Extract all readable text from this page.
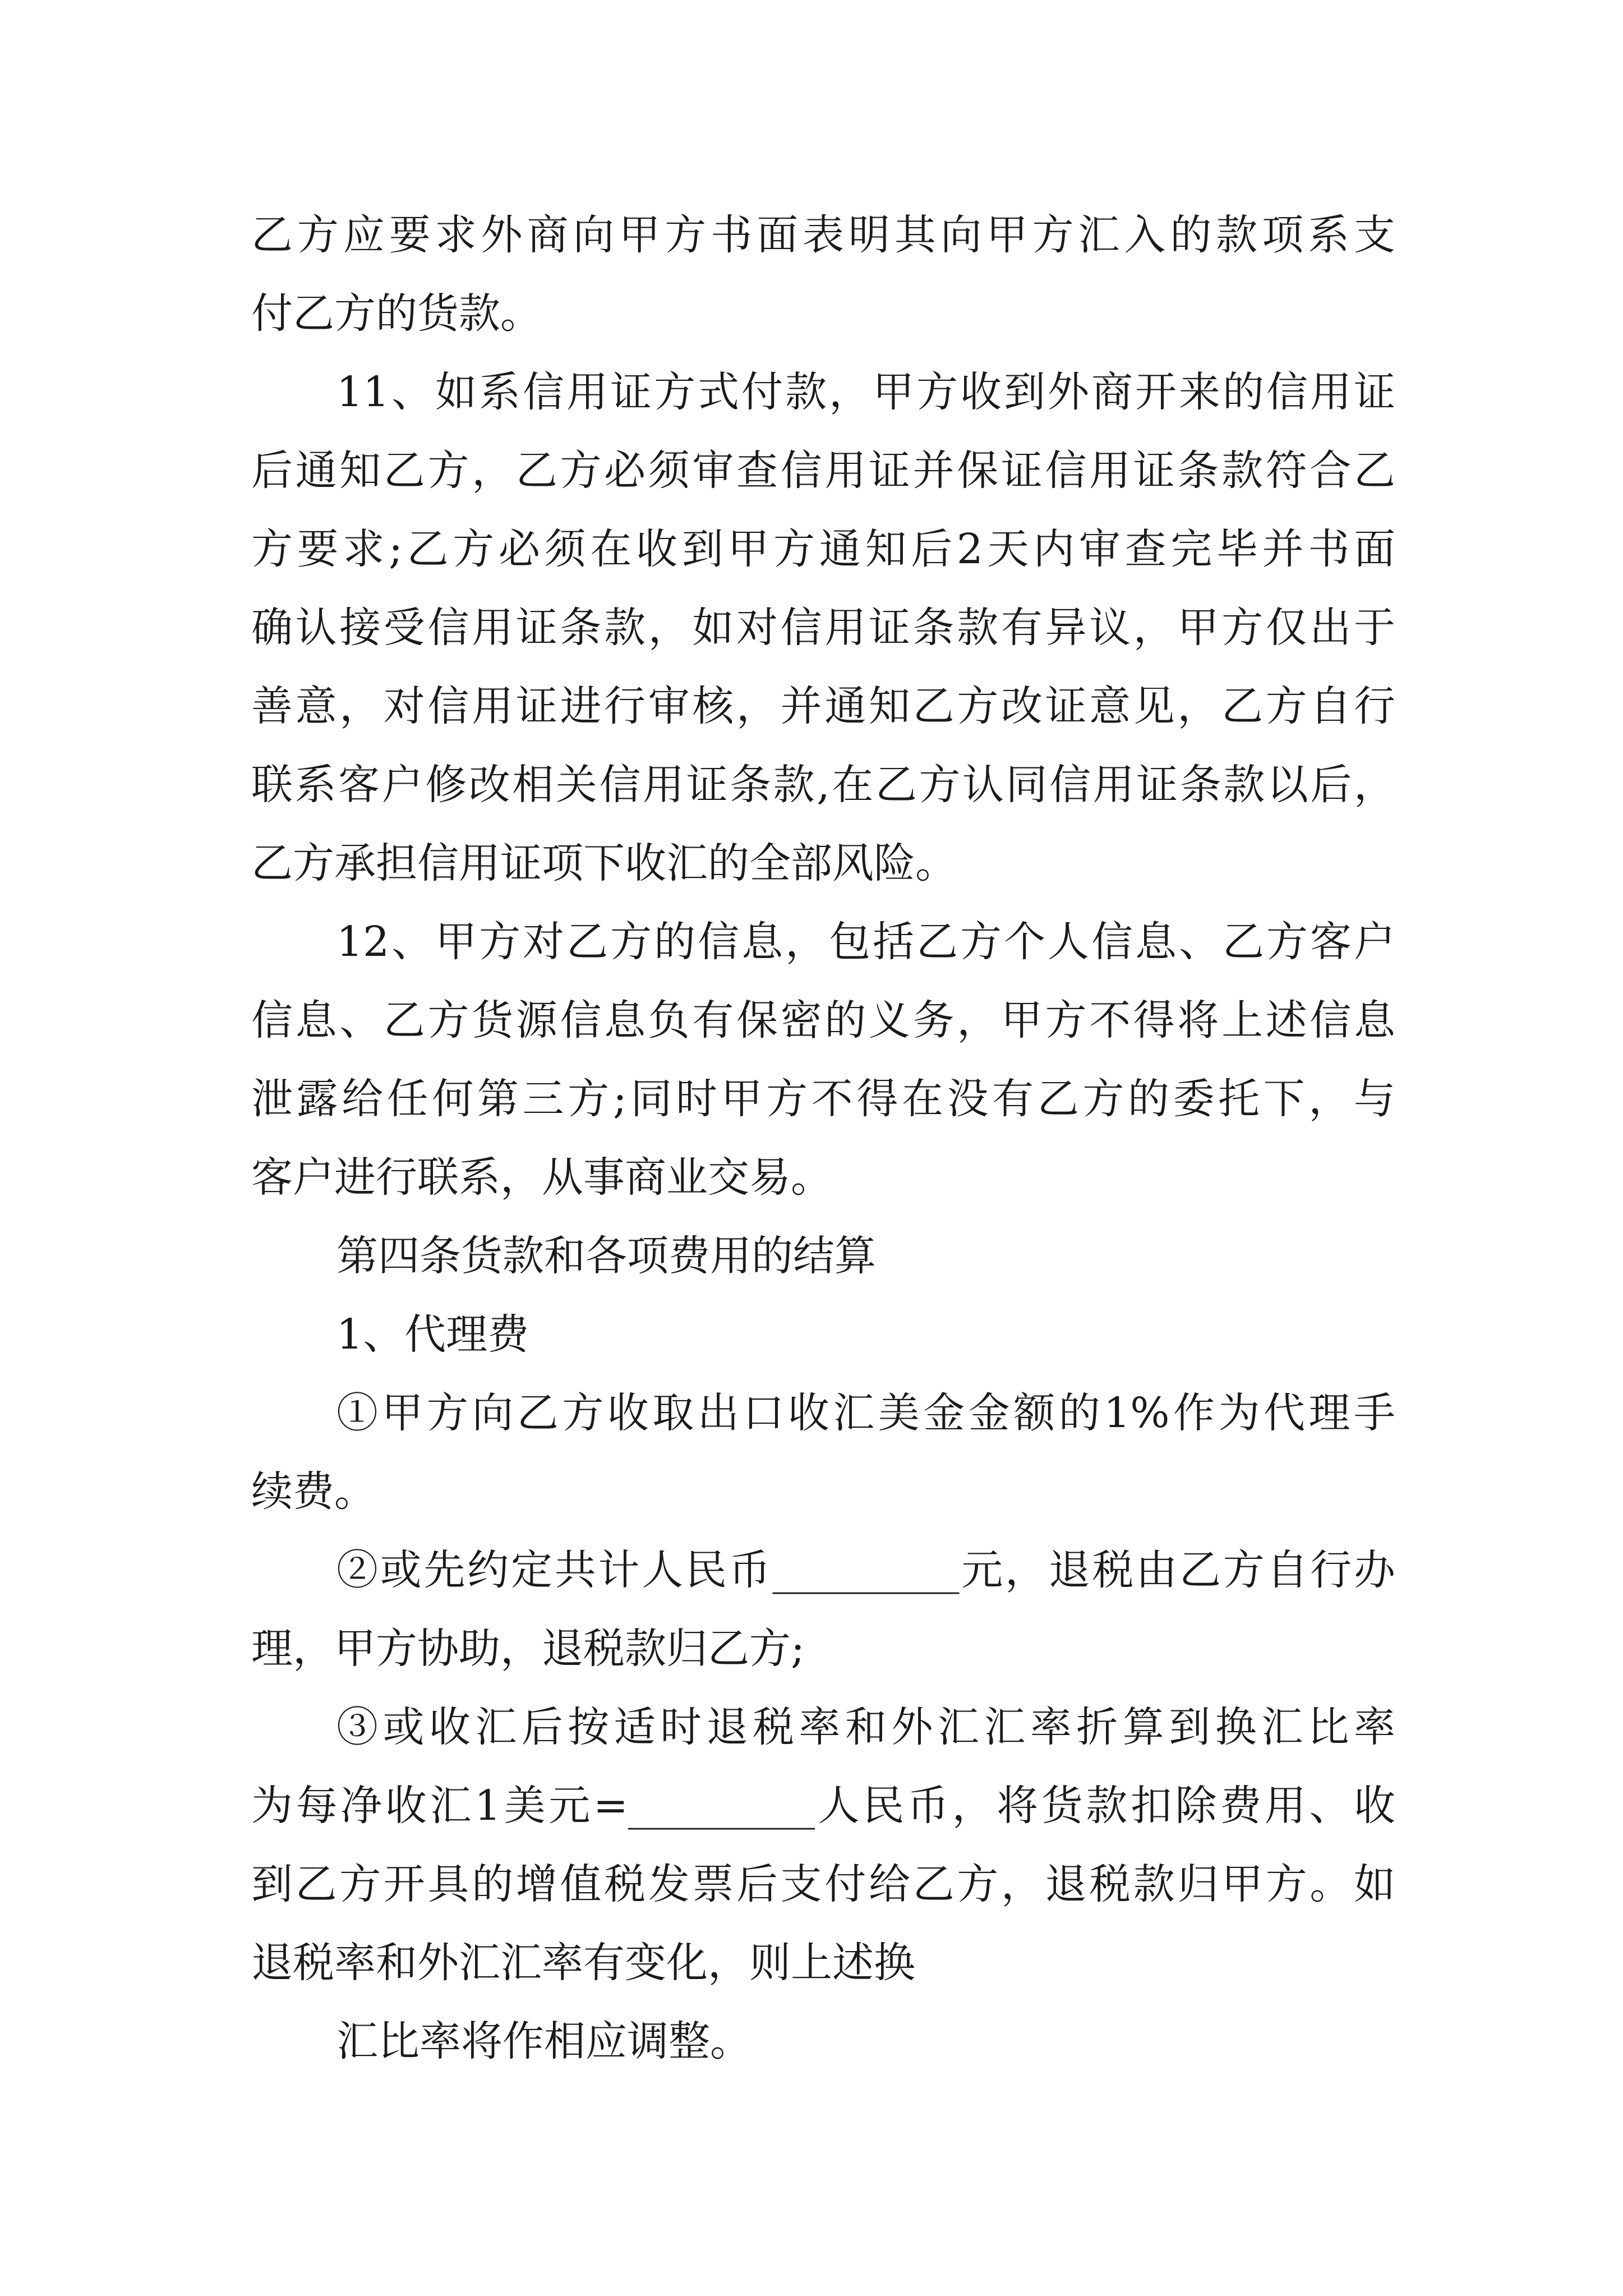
乙方应要求外商向甲方书面表明其向甲方汇入的款项系支
付乙方的货款。
11、如系信用证方式付款，甲方收到外商开来的信用证
后通知乙方，乙方必须审查信用证并保证信用证条款符合乙
方要求;乙方必须在收到甲方通知后2天内审查完毕并书面
确认接受信用证条款，如对信用证条款有异议，甲方仅出于
善意，对信用证进行审核，并通知乙方改证意见，乙方自行
联系客户修改相关信用证条款,在乙方认同信用证条款以后，
乙方承担信用证项下收汇的全部风险。
12、甲方对乙方的信息，包括乙方个人信息、乙方客户
信息、乙方货源信息负有保密的义务，甲方不得将上述信息
泄露给任何第三方;同时甲方不得在没有乙方的委托下，与
客户进行联系，从事商业交易。
第四条货款和各项费用的结算
1、代理费
①甲方向乙方收取出口收汇美金金额的1%作为代理手
续费。
②或先约定共计人民币_________元，退税由乙方自行办
理，甲方协助，退税款归乙方;
③或收汇后按适时退税率和外汇汇率折算到换汇比率
为每净收汇1美元=_________人民币，将货款扣除费用、收
到乙方开具的增值税发票后支付给乙方，退税款归甲方。如
退税率和外汇汇率有变化，则上述换
汇比率将作相应调整。
